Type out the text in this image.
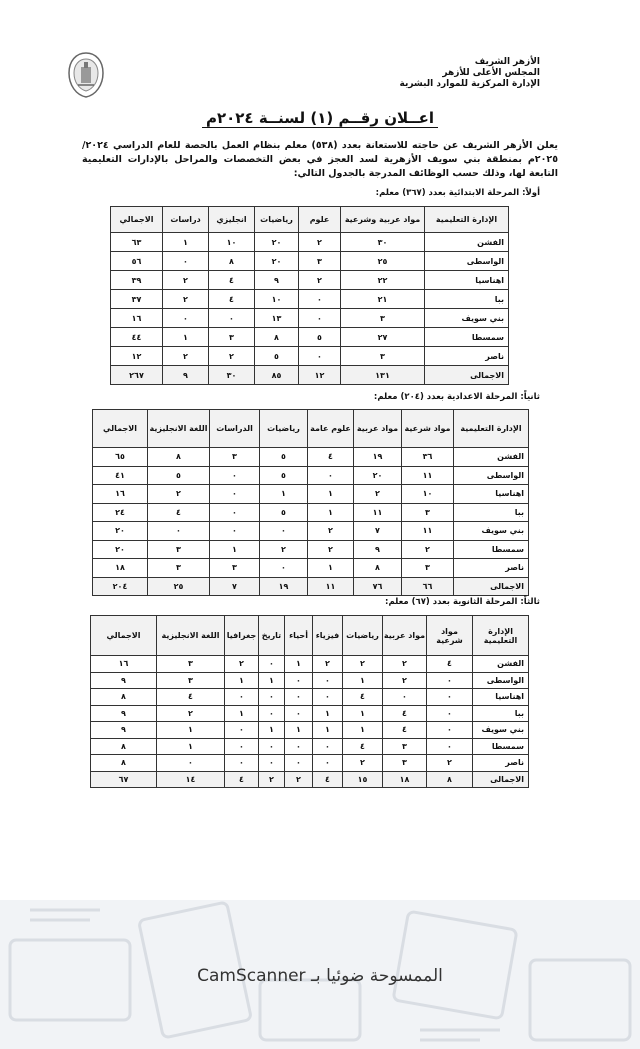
الأزهر الشريف
المجلس الأعلى للأزهر
الإدارة المركزية للموارد البشرية
اعــلان رقــم (١) لسنــة ٢٠٢٤م
يعلن الأزهر الشريف عن حاجته للاستعانة بعدد (٥٣٨) معلم بنظام العمل بالحصة للعام الدراسي ٢٠٢٤/ ٢٠٢٥م بمنطقة بني سويف الأزهرية لسد العجز في بعض التخصصات والمراحل بالإدارات التعليمية التابعة لها، وذلك حسب الوظائف المدرجة بالجدول التالي:
أولاً: المرحلة الابتدائية بعدد (٣٦٧) معلم:
الإدارة التعليمية	مواد عربية وشرعية	علوم	رياضيات	انجليزي	دراسات	الاجمالي
الفشن	٣٠	٢	٢٠	١٠	١	٦٣
الواسطى	٢٥	٣	٢٠	٨	٠	٥٦
اهناسيا	٢٢	٢	٩	٤	٢	٣٩
ببا	٢١	٠	١٠	٤	٢	٣٧
بني سويف	٣	٠	١٣	٠	٠	١٦
سمسطا	٢٧	٥	٨	٣	١	٤٤
ناصر	٣	٠	٥	٢	٢	١٢
الاجمالى	١٣١	١٢	٨٥	٣٠	٩	٢٦٧
ثانياً: المرحلة الاعدادية بعدد (٢٠٤) معلم:
الإدارة التعليمية	مواد شرعية	مواد عربية	علوم عامة	رياضيات	الدراسات	اللغة الانجليزية	الاجمالي
الفشن	٣٦	١٩	٤	٥	٣	٨	٦٥
الواسطى	١١	٢٠	٠	٥	٠	٥	٤١
اهناسيا	١٠	٢	١	١	٠	٢	١٦
ببا	٣	١١	١	٥	٠	٤	٢٤
بني سويف	١١	٧	٢	٠	٠	٠	٢٠
سمسطا	٢	٩	٢	٢	١	٣	٢٠
ناصر	٣	٨	١	٠	٣	٣	١٨
الاجمالى	٦٦	٧٦	١١	١٩	٧	٢٥	٢٠٤
ثالثاً: المرحلة الثانوية بعدد (٦٧) معلم:
الإدارة التعليمية	مواد شرعية	مواد عربية	رياضيات	فيزياء	أحياء	تاريخ	جغرافيا	اللغة الانجليزية	الاجمالي
الفشن	٤	٢	٢	٢	١	٠	٢	٣	١٦
الواسطى	٠	٢	١	٠	٠	١	١	٣	٩
اهناسيا	٠	٠	٤	٠	٠	٠	٠	٤	٨
ببا	٠	٤	١	١	٠	٠	١	٢	٩
بني سويف	٠	٤	١	١	١	١	٠	١	٩
سمسطا	٠	٣	٤	٠	٠	٠	٠	١	٨
ناصر	٢	٣	٢	٠	٠	٠	٠	٠	٨
الاجمالى	٨	١٨	١٥	٤	٢	٢	٤	١٤	٦٧
الممسوحة ضوئيا بـ CamScanner
